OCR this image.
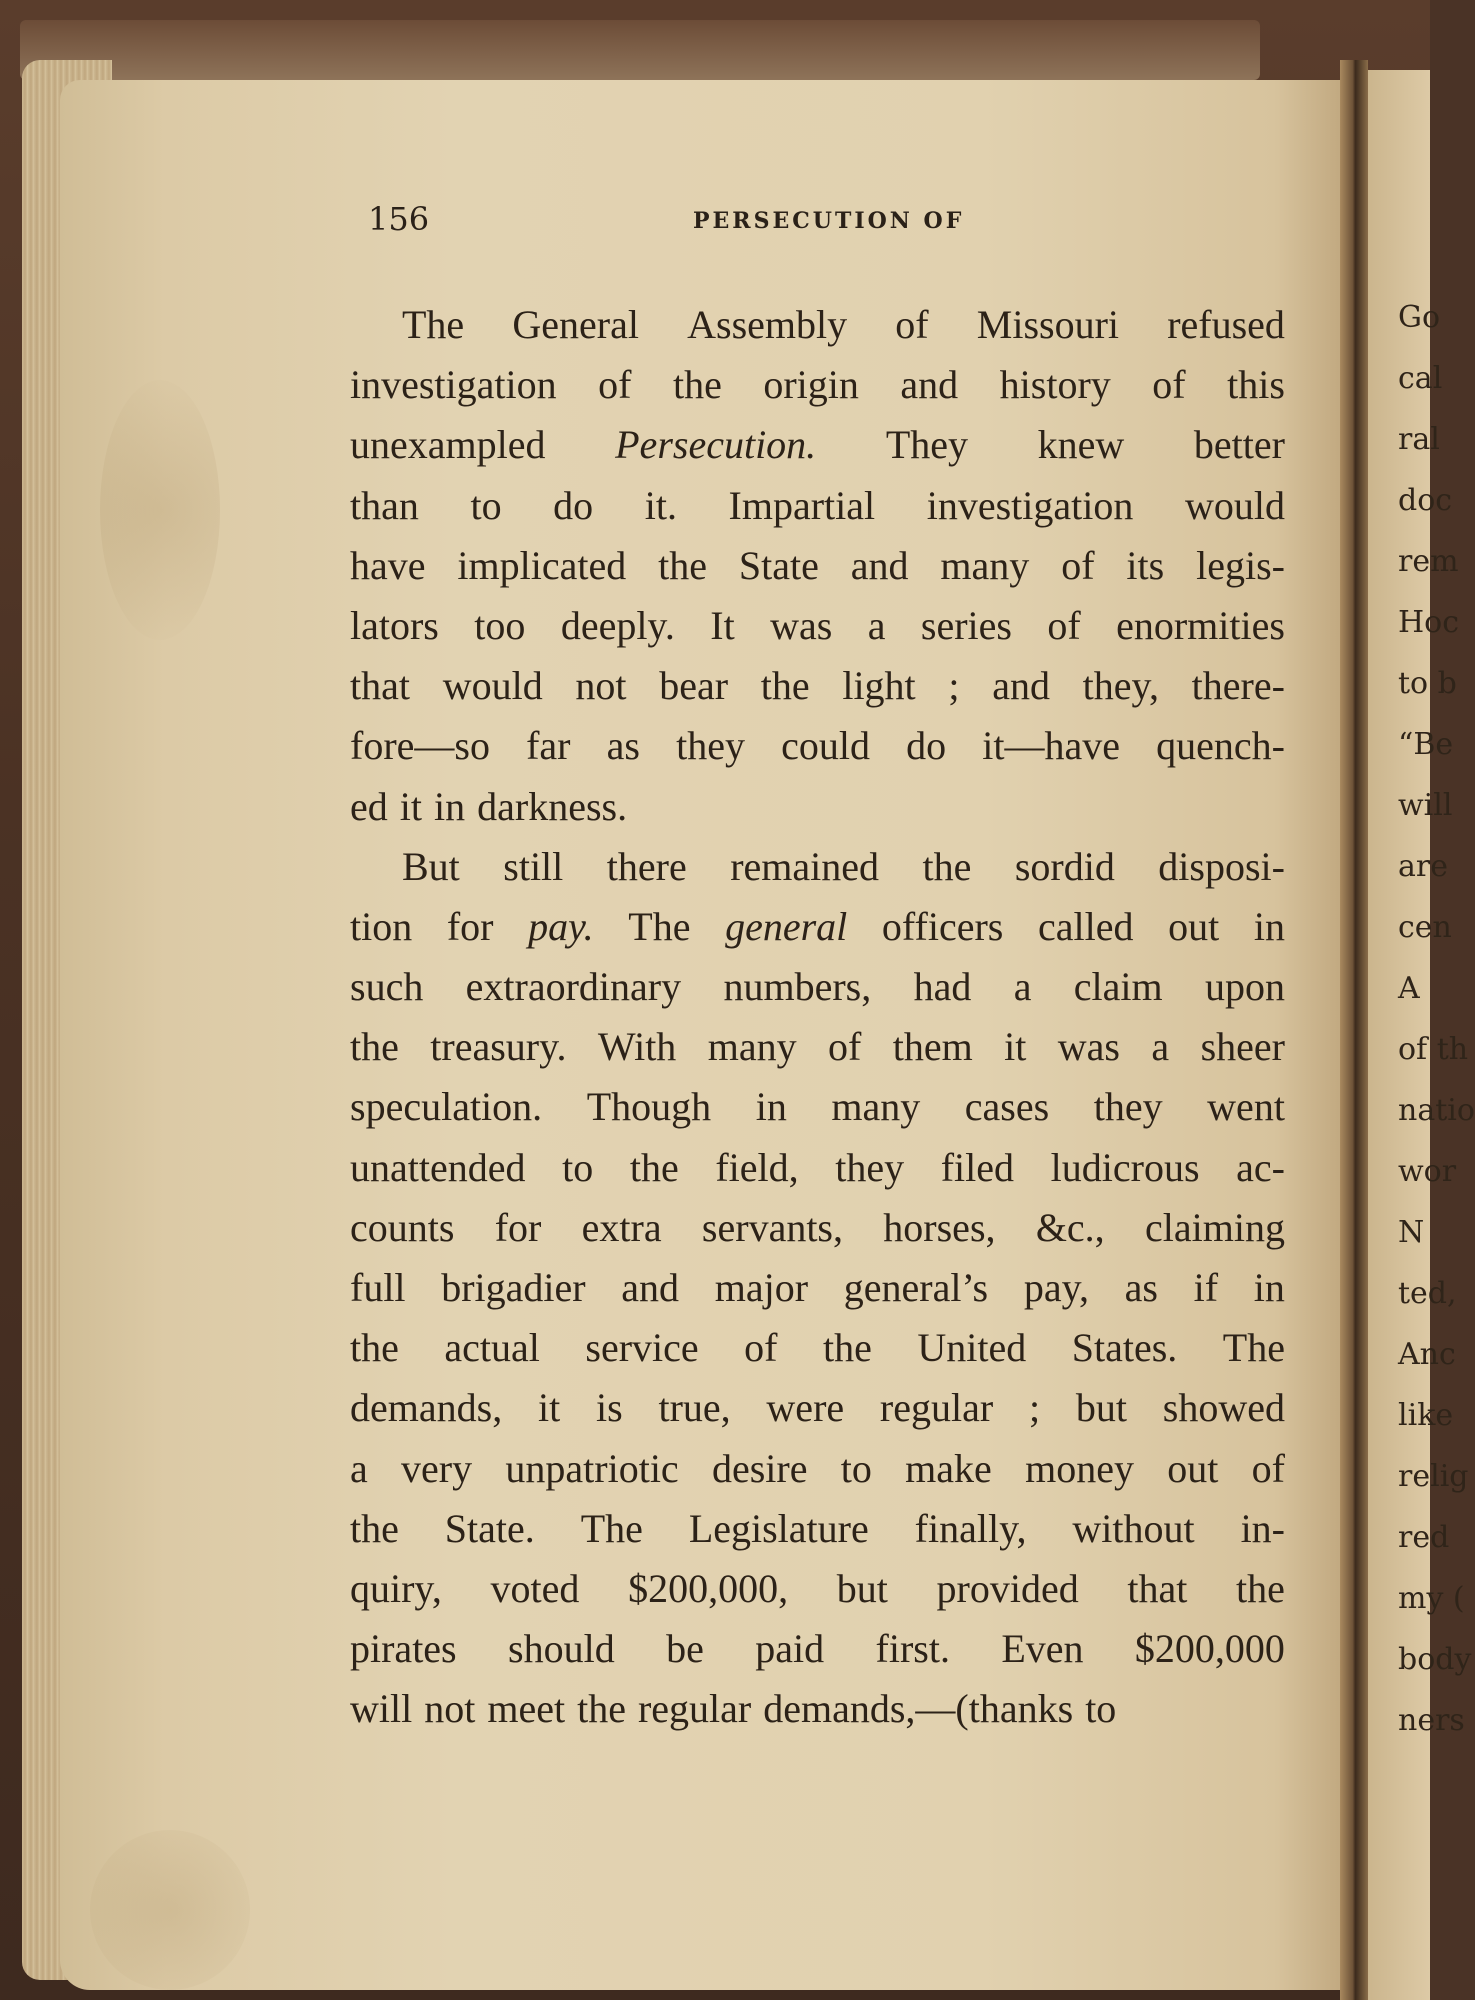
Go
cal
ral
doc
rem
Hoc
to b
“Be
will
are
cen
A
of th
natio
wor
N
ted,
Anc
like
relig
red
my (
body
ners
156	PERSECUTION OF
The General Assembly of Missouri refused
investigation of the origin and history of this
unexampled Persecution. They knew better
than to do it. Impartial investigation would
have implicated the State and many of its legis-
lators too deeply. It was a series of enormities
that would not bear the light ; and they, there-
fore—so far as they could do it—have quench-
ed it in darkness.
But still there remained the sordid disposi-
tion for pay. The general officers called out in
such extraordinary numbers, had a claim upon
the treasury. With many of them it was a sheer
speculation. Though in many cases they went
unattended to the field, they filed ludicrous ac-
counts for extra servants, horses, &c., claiming
full brigadier and major general’s pay, as if in
the actual service of the United States. The
demands, it is true, were regular ; but showed
a very unpatriotic desire to make money out of
the State. The Legislature finally, without in-
quiry, voted $200,000, but provided that the
pirates should be paid first. Even $200,000
will not meet the regular demands,—(thanks to
